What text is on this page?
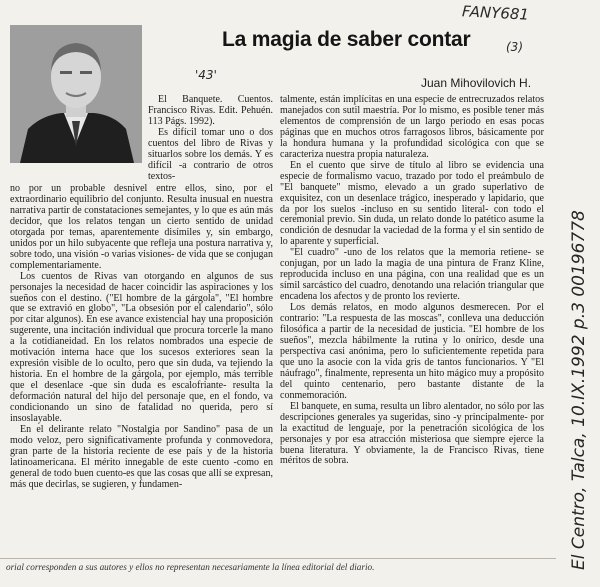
FANY681
La magia de saber contar	(3)
'43'
Juan Mihovilovich H.

El Banquete. Cuentos. Francisco Rivas. Edit. Pehuén. 113 Págs. 1992).

Es difícil tomar uno o dos cuentos del libro de Rivas y situarlos sobre los demás. Y es difícil -a contrario de otros textos-

no por un probable desnivel entre ellos, sino, por el extraordinario equilibrio del conjunto. Resulta inusual en nuestra narrativa partir de constataciones semejantes, y lo que es aún más decidor, que los relatos tengan un cierto sentido de unidad otorgada por temas, aparentemente disímiles y, sin embargo, unidos por un hilo subyacente que refleja una postura narrativa y, sobre todo, una visión -o varias visiones- de vida que se conjugan complementariamente.

Los cuentos de Rivas van otorgando en algunos de sus personajes la necesidad de hacer coincidir las aspiraciones y los sueños con el destino. ("El hombre de la gárgola", "El hombre que se extravió en globo", "La obsesión por el calendario", sólo por citar algunos). En ese avance existencial hay una proposición sugerente, una incitación individual que procura torcerle la mano a la cotidianeidad. En los relatos nombrados una especie de motivación interna hace que los sucesos exteriores sean la expresión visible de lo oculto, pero que sin duda, va tejiendo la historia. En el hombre de la gárgola, por ejemplo, más terrible que el desenlace -que sin duda es escalofriante- resulta la deformación natural del hijo del personaje que, en el fondo, va condicionando un sino de fatalidad no querida, pero sí insoslayable.

En el delirante relato "Nostalgia por Sandino" pasa de un modo veloz, pero significativamente profunda y conmovedora, gran parte de la historia reciente de ese país y de la historia latinoamericana. El mérito innegable de este cuento -como en general de todo buen cuento-es que las cosas que allí se expresan, más que decirlas, se sugieren, y fundamen-

talmente, están implícitas en una especie de entrecruzados relatos manejados con sutil maestría. Por lo mismo, es posible tener más elementos de comprensión de un largo periodo en esas pocas páginas que en muchos otros farragosos libros, básicamente por la hondura humana y la profundidad sicológica con que se caracteriza nuestra propia naturaleza.

En el cuento que sirve de título al libro se evidencia una especie de formalismo vacuo, trazado por todo el preámbulo de "El banquete" mismo, elevado a un grado superlativo de exquisitez, con un desenlace trágico, inesperado y lapidario, que da por los suelos -incluso en su sentido literal- con todo el ceremonial previo. Sin duda, un relato donde lo patético asume la condición de desnudar la vaciedad de la forma y el sin sentido de lo aparente y superficial.

"El cuadro" -uno de los relatos que la memoria retiene- se conjugan, por un lado la magia de una pintura de Franz Kline, reproducida incluso en una página, con una realidad que es un símil sarcástico del cuadro, denotando una relación triangular que encadena los afectos y de pronto los revierte.

Los demás relatos, en modo algunos desmerecen. Por el contrario: "La respuesta de las moscas", conlleva una deducción filosófica a partir de la necesidad de justicia. "El hombre de los sueños", mezcla hábilmente la rutina y lo onírico, desde una perspectiva casi anónima, pero lo suficientemente repetida para que uno la asocie con la vida gris de tantos funcionarios. Y "El náufrago", finalmente, representa un hito mágico muy a propósito del quinto centenario, pero bastante distante de la conmemoración.

El banquete, en suma, resulta un libro alentador, no sólo por las descripciones generales ya sugeridas, sino -y principalmente- por la exactitud de lenguaje, por la penetración sicológica de los personajes y por esa atracción misteriosa que siempre ejerce la buena literatura. Y obviamente, la de Francisco Rivas, tiene méritos de sobra.	El Centro, Talca, 10.IX.1992 p.3 00196778
orial corresponden a sus autores y ellos no representan necesariamente la línea editorial del diario.
